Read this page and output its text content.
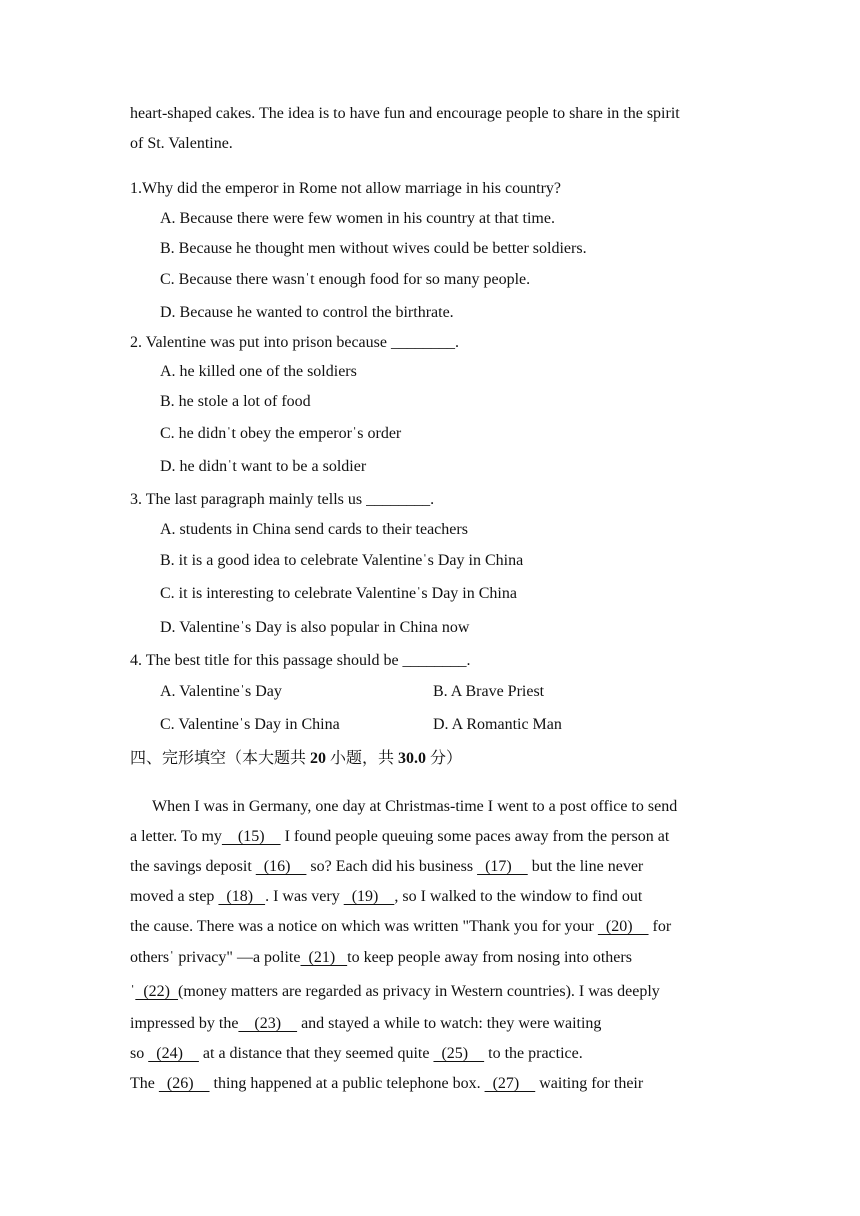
heart-shaped cakes. The idea is to have fun and encourage people to share in the spirit
of St. Valentine.
1.Why did the emperor in Rome not allow marriage in his country?
A. Because there were few women in his country at that time.
B. Because he thought men without wives could be better soldiers.
C. Because there wasnˈt enough food for so many people.
D. Because he wanted to control the birthrate.
2. Valentine was put into prison because ________.
A. he killed one of the soldiers
B. he stole a lot of food
C. he didnˈt obey the emperorˈs order
D. he didnˈt want to be a soldier
3. The last paragraph mainly tells us ________.
A. students in China send cards to their teachers
B. it is a good idea to celebrate Valentineˈs Day in China
C. it is interesting to celebrate Valentineˈs Day in China
D. Valentineˈs Day is also popular in China now
4. The best title for this passage should be ________.
A. Valentineˈs Day	B. A Brave Priest
C. Valentineˈs Day in China	D. A Romantic Man
四、完形填空（本大题共 20 小题，共 30.0 分）
When I was in Germany, one day at Christmas-time I went to a post office to send
a letter. To my    (15)     I found people queuing some paces away from the person at
the savings deposit   (16)     so? Each did his business   (17)     but the line never
moved a step   (18)   . I was very   (19)    , so I walked to the window to find out
the cause. There was a notice on which was written "Thank you for your   (20)     for
othersˈ privacy" —a polite  (21)   to keep people away from nosing into others
ˈ  (22)  (money matters are regarded as privacy in Western countries). I was deeply
impressed by the    (23)     and stayed a while to watch: they were waiting
so   (24)     at a distance that they seemed quite   (25)     to the practice.
The   (26)     thing happened at a public telephone box.   (27)     waiting for their
